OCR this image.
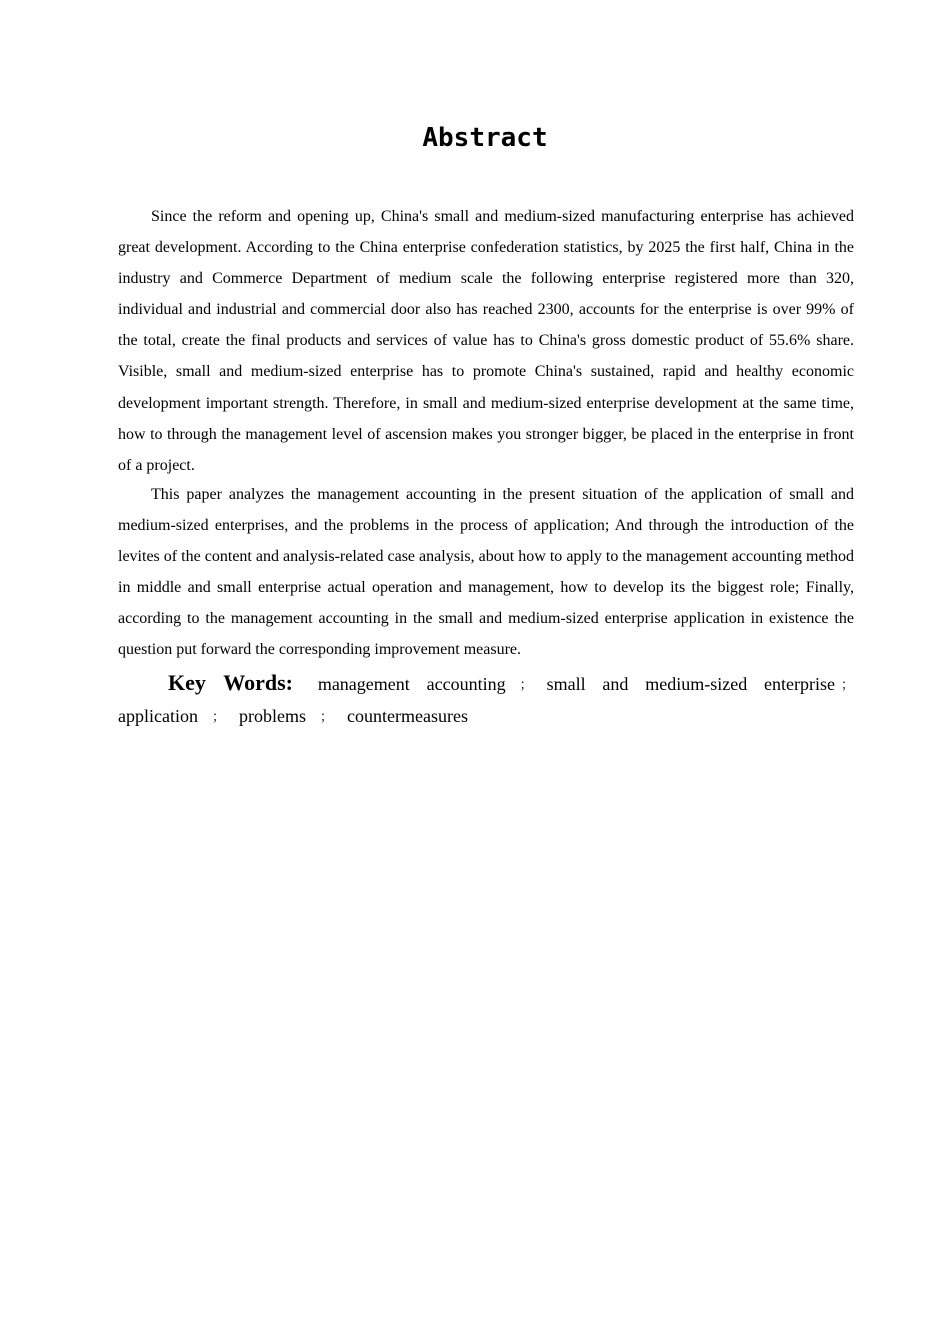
Abstract

Since the reform and opening up, China's small and medium-sized manufacturing enterprise has achieved great development. According to the China enterprise confederation statistics, by 2025 the first half, China in the industry and Commerce Department of medium scale the following enterprise registered more than 320, individual and industrial and commercial door also has reached 2300, accounts for the enterprise is over 99% of the total, create the final products and services of value has to China's gross domestic product of 55.6% share. Visible, small and medium-sized enterprise has to promote China's sustained, rapid and healthy economic development important strength. Therefore, in small and medium-sized enterprise development at the same time, how to through the management level of ascension makes you stronger bigger, be placed in the enterprise in front of a project.

This paper analyzes the management accounting in the present situation of the application of small and medium-sized enterprises, and the problems in the process of application; And through the introduction of the levites of the content and analysis-related case analysis, about how to apply to the management accounting method in middle and small enterprise actual operation and management, how to develop its the biggest role; Finally, according to the management accounting in the small and medium-sized enterprise application in existence the question put forward the corresponding improvement measure.

Key Words: management accounting ； small and medium-sized enterprise ；
application ； problems ； countermeasures
